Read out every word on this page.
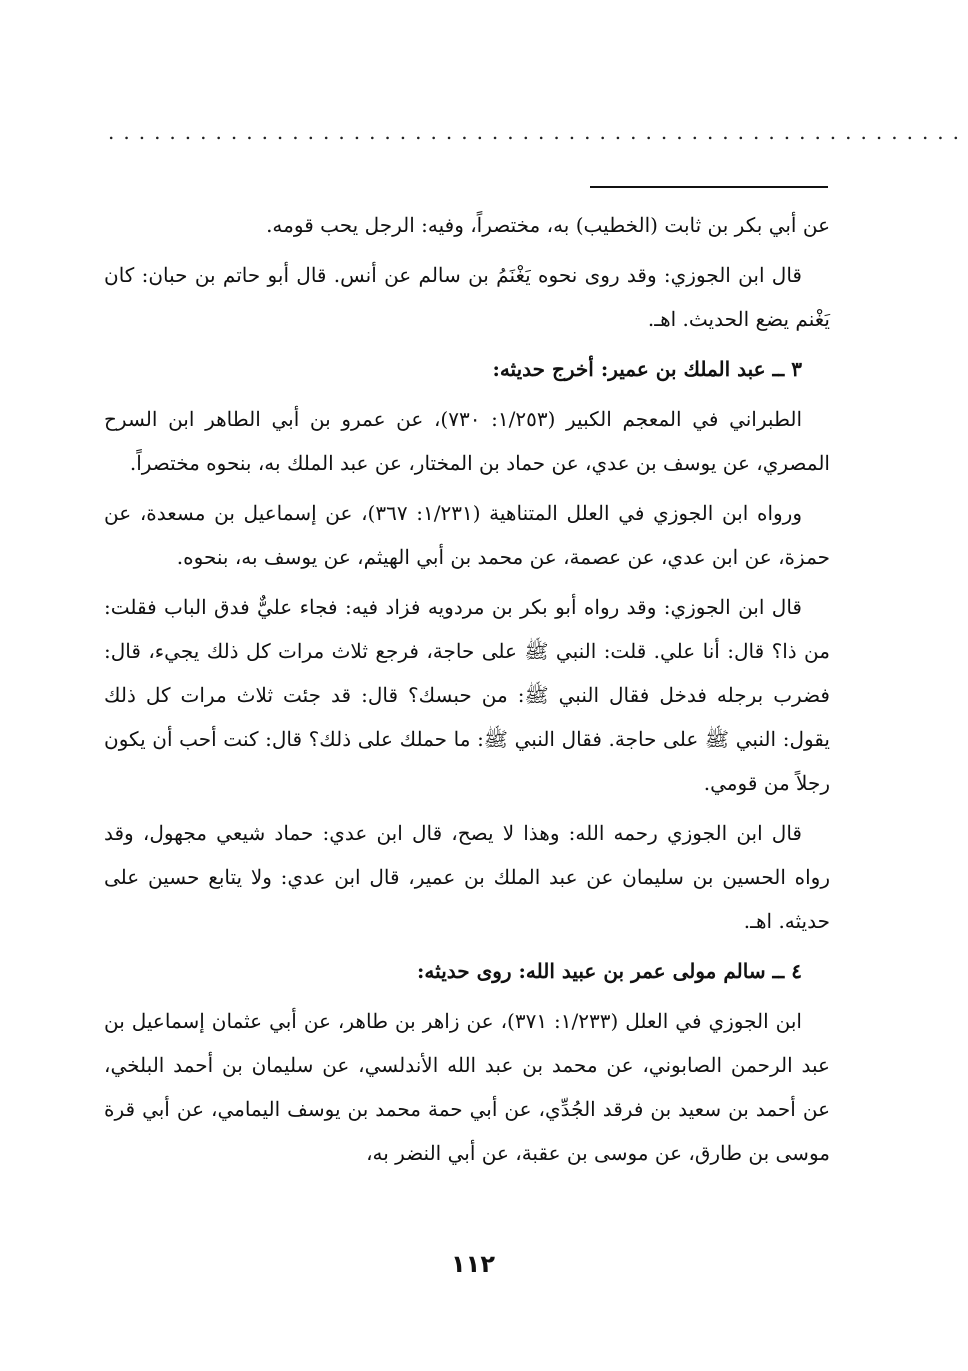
........................................................

عن أبي بكر بن ثابت (الخطيب) به، مختصراً، وفيه: الرجل يحب قومه.

قال ابن الجوزي: وقد روى نحوه يَغْنَمُ بن سالم عن أنس. قال أبو حاتم بن حبان: كان يَغْنم يضع الحديث. اهـ.

٣ ــ عبد الملك بن عمير: أخرج حديثه:

الطبراني في المعجم الكبير (١/٢٥٣: ٧٣٠)، عن عمرو بن أبي الطاهر ابن السرح المصري، عن يوسف بن عدي، عن حماد بن المختار، عن عبد الملك به، بنحوه مختصراً.

ورواه ابن الجوزي في العلل المتناهية (١/٢٣١: ٣٦٧)، عن إسماعيل بن مسعدة، عن حمزة، عن ابن عدي، عن عصمة، عن محمد بن أبي الهيثم، عن يوسف به، بنحوه.

قال ابن الجوزي: وقد رواه أبو بكر بن مردويه فزاد فيه: فجاء عليٌّ فدق الباب فقلت: من ذا؟ قال: أنا علي. قلت: النبي ﷺ على حاجة، فرجع ثلاث مرات كل ذلك يجيء، قال: فضرب برجله فدخل فقال النبي ﷺ: من حبسك؟ قال: قد جئت ثلاث مرات كل ذلك يقول: النبي ﷺ على حاجة. فقال النبي ﷺ: ما حملك على ذلك؟ قال: كنت أحب أن يكون رجلاً من قومي.

قال ابن الجوزي رحمه الله: وهذا لا يصح، قال ابن عدي: حماد شيعي مجهول، وقد رواه الحسين بن سليمان عن عبد الملك بن عمير، قال ابن عدي: ولا يتابع حسين على حديثه. اهـ.

٤ ــ سالم مولى عمر بن عبيد الله: روى حديثه:

ابن الجوزي في العلل (١/٢٣٣: ٣٧١)، عن زاهر بن طاهر، عن أبي عثمان إسماعيل بن عبد الرحمن الصابوني، عن محمد بن عبد الله الأندلسي، عن سليمان بن أحمد البلخي، عن أحمد بن سعيد بن فرقد الجُدِّي، عن أبي حمة محمد بن يوسف اليمامي، عن أبي قرة موسى بن طارق، عن موسى بن عقبة، عن أبي النضر به،

١١٢
